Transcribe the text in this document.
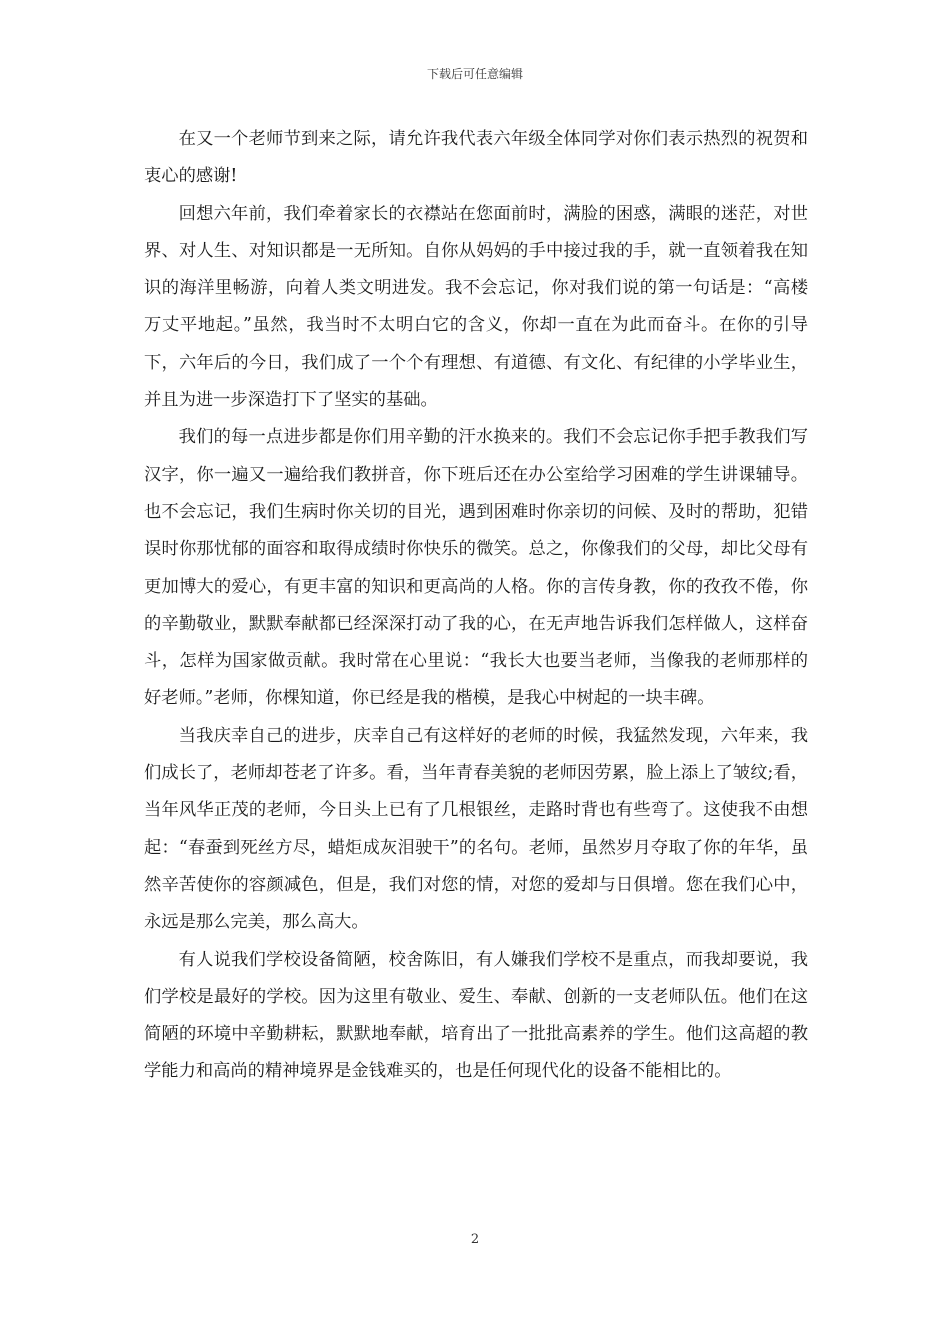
下载后可任意编辑

在又一个老师节到来之际，请允许我代表六年级全体同学对你们表示热烈的祝贺和衷心的感谢!

回想六年前，我们牵着家长的衣襟站在您面前时，满脸的困惑，满眼的迷茫，对世界、对人生、对知识都是一无所知。自你从妈妈的手中接过我的手，就一直领着我在知识的海洋里畅游，向着人类文明进发。我不会忘记，你对我们说的第一句话是：“高楼万丈平地起。”虽然，我当时不太明白它的含义，你却一直在为此而奋斗。在你的引导下，六年后的今日，我们成了一个个有理想、有道德、有文化、有纪律的小学毕业生，并且为进一步深造打下了坚实的基础。

我们的每一点进步都是你们用辛勤的汗水换来的。我们不会忘记你手把手教我们写汉字，你一遍又一遍给我们教拼音，你下班后还在办公室给学习困难的学生讲课辅导。也不会忘记，我们生病时你关切的目光，遇到困难时你亲切的问候、及时的帮助，犯错误时你那忧郁的面容和取得成绩时你快乐的微笑。总之，你像我们的父母，却比父母有更加博大的爱心，有更丰富的知识和更高尚的人格。你的言传身教，你的孜孜不倦，你的辛勤敬业，默默奉献都已经深深打动了我的心，在无声地告诉我们怎样做人，这样奋斗，怎样为国家做贡献。我时常在心里说：“我长大也要当老师，当像我的老师那样的好老师。”老师，你棵知道，你已经是我的楷模，是我心中树起的一块丰碑。

当我庆幸自己的进步，庆幸自己有这样好的老师的时候，我猛然发现，六年来，我们成长了，老师却苍老了许多。看，当年青春美貌的老师因劳累，脸上添上了皱纹;看，当年风华正茂的老师，今日头上已有了几根银丝，走路时背也有些弯了。这使我不由想起：“春蚕到死丝方尽，蜡炬成灰泪驶干”的名句。老师，虽然岁月夺取了你的年华，虽然辛苦使你的容颜减色，但是，我们对您的情，对您的爱却与日俱增。您在我们心中，永远是那么完美，那么高大。

有人说我们学校设备简陋，校舍陈旧，有人嫌我们学校不是重点，而我却要说，我们学校是最好的学校。因为这里有敬业、爱生、奉献、创新的一支老师队伍。他们在这简陋的环境中辛勤耕耘，默默地奉献，培育出了一批批高素养的学生。他们这高超的教学能力和高尚的精神境界是金钱难买的，也是任何现代化的设备不能相比的。

2
